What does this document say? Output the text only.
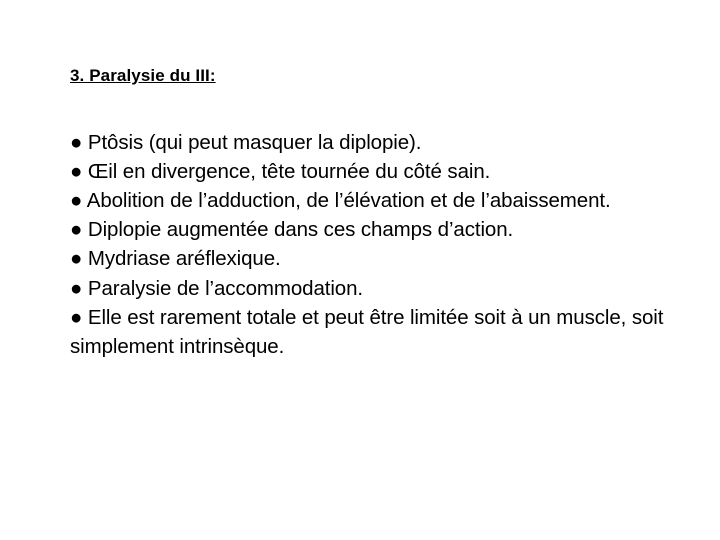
3. Paralysie du III:
● Ptôsis (qui peut masquer la diplopie).
● Œil en divergence, tête tournée du côté sain.
● Abolition de l’adduction, de l’élévation et de l’abaissement.
● Diplopie augmentée dans ces champs d’action.
● Mydriase aréflexique.
● Paralysie de l’accommodation.
● Elle est rarement totale et peut être limitée soit à un muscle, soit simplement intrinsèque.
